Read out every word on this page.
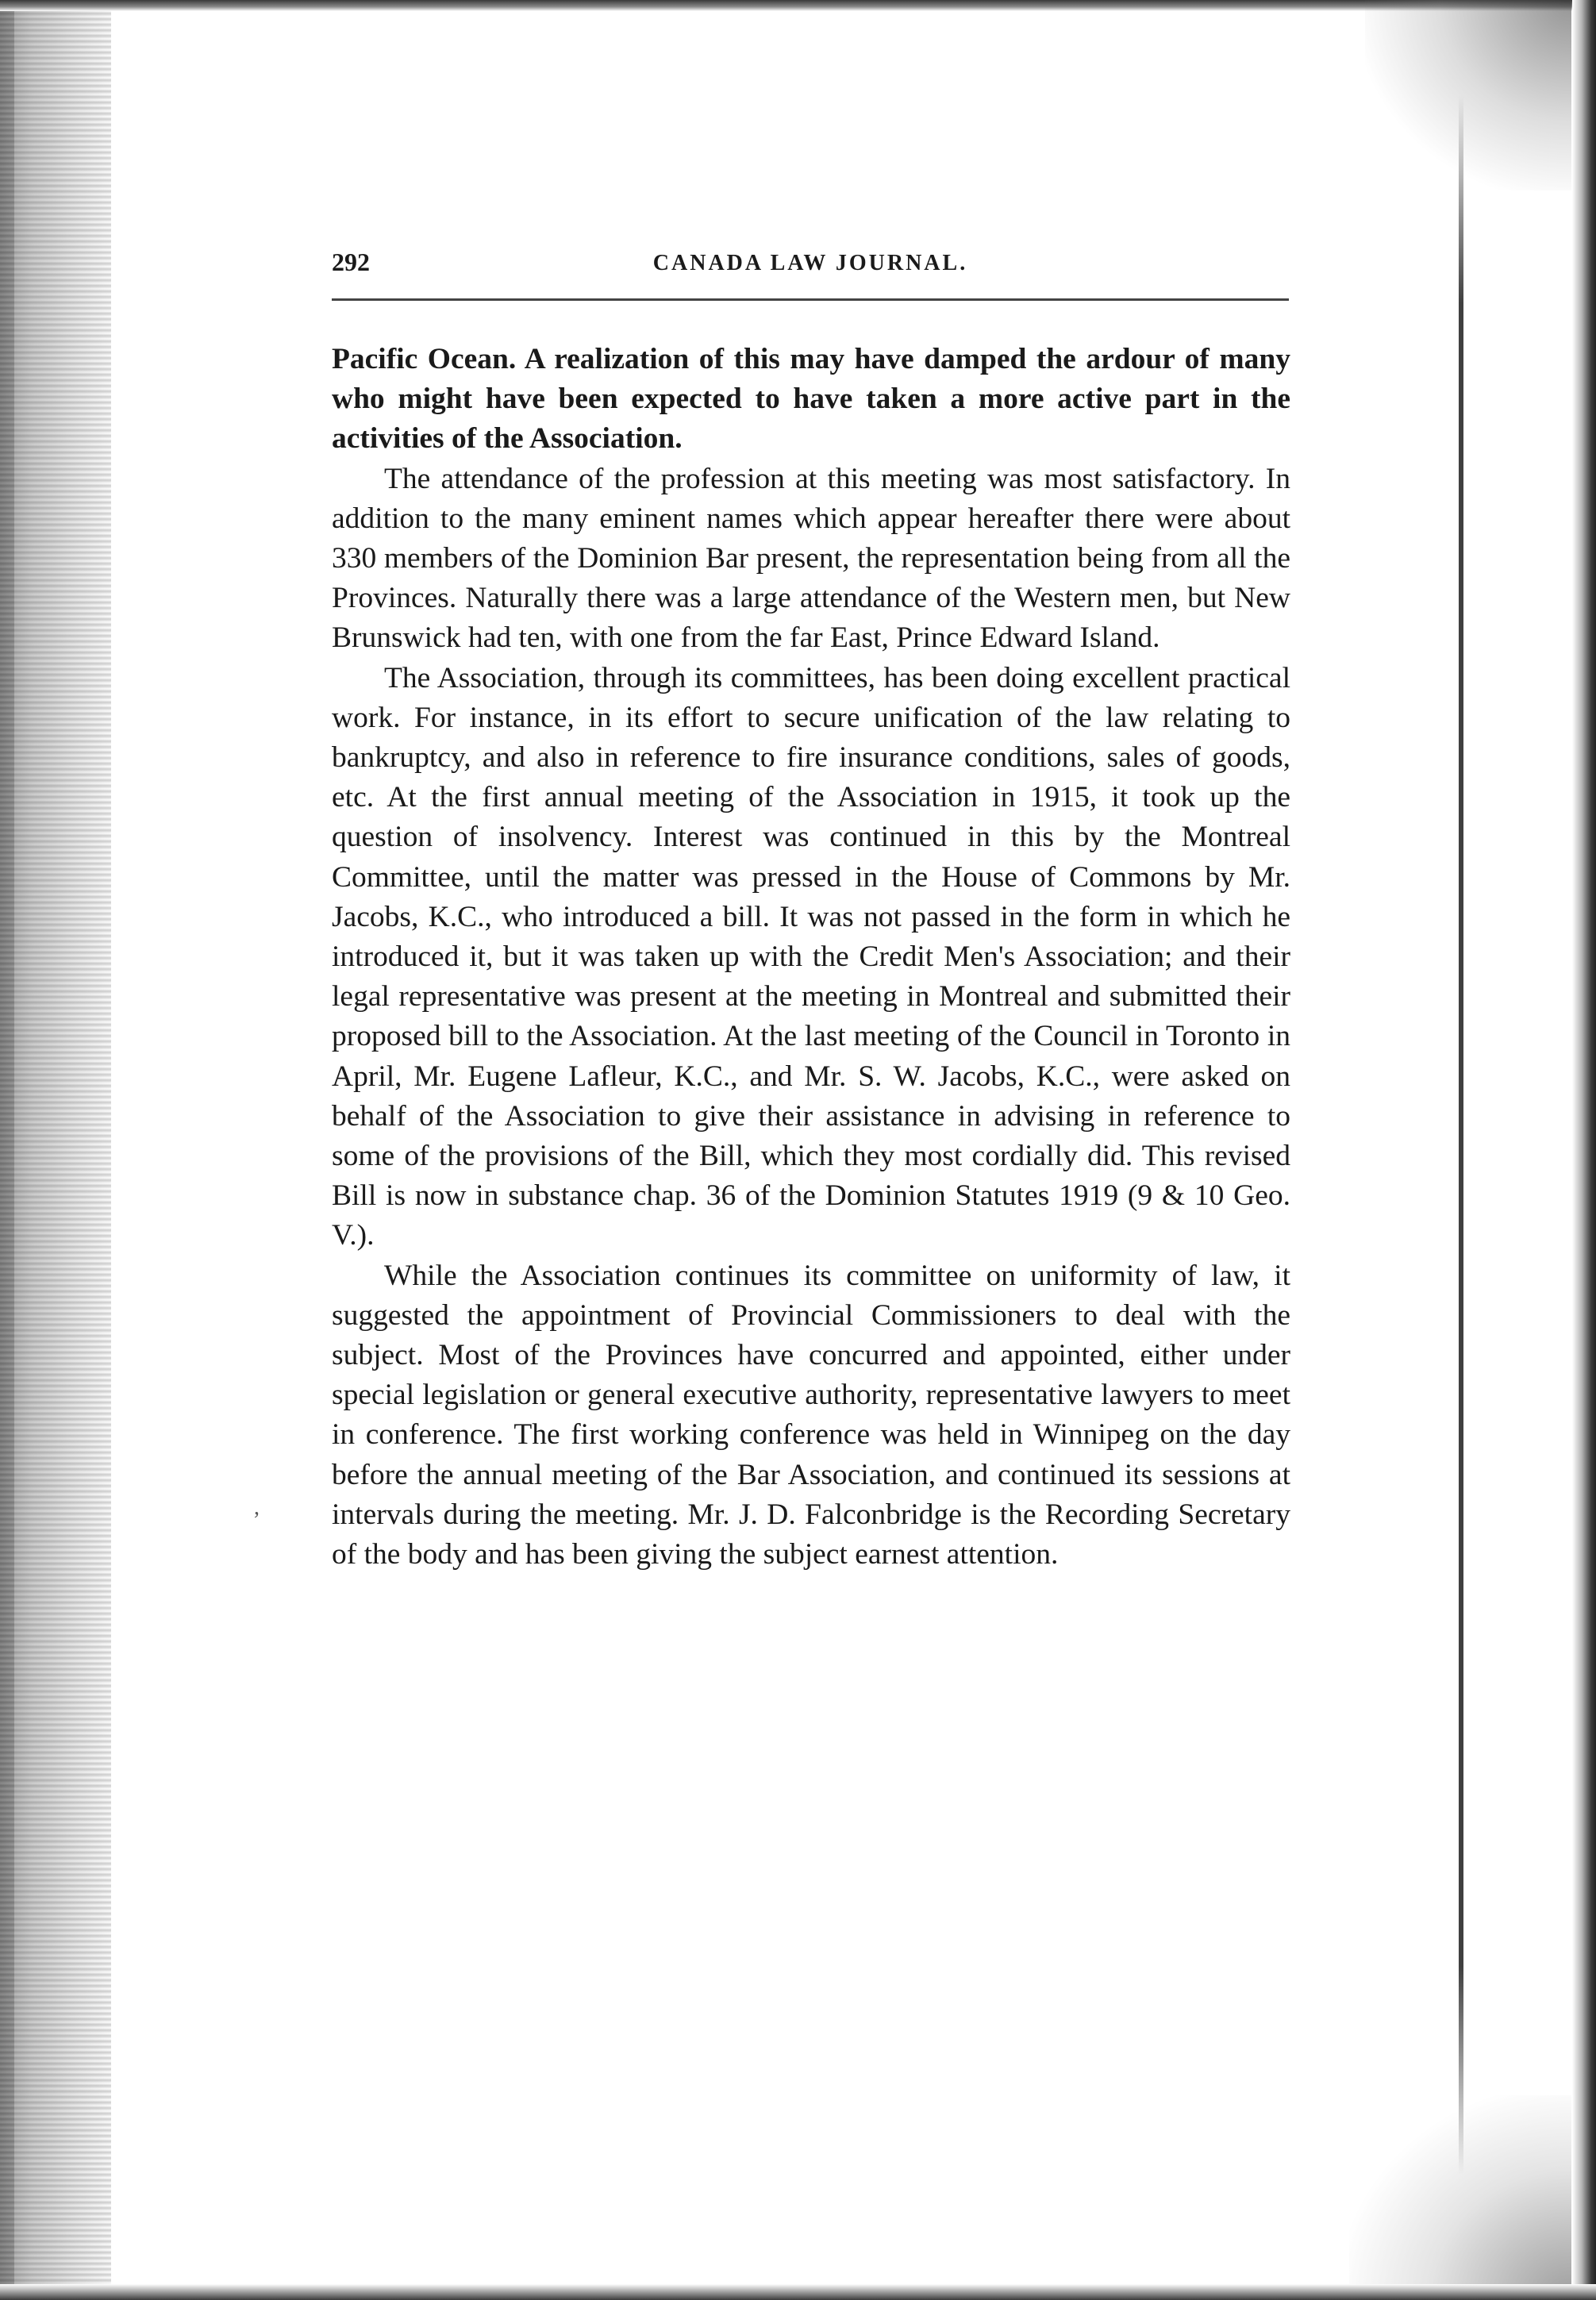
292	CANADA LAW JOURNAL.

Pacific Ocean. A realization of this may have damped the ardour of many who might have been expected to have taken a more active part in the activities of the Association.

The attendance of the profession at this meeting was most satisfactory. In addition to the many eminent names which appear hereafter there were about 330 members of the Dominion Bar present, the representation being from all the Provinces. Naturally there was a large attendance of the Western men, but New Brunswick had ten, with one from the far East, Prince Edward Island.

The Association, through its committees, has been doing excellent practical work. For instance, in its effort to secure unification of the law relating to bankruptcy, and also in reference to fire insurance conditions, sales of goods, etc. At the first annual meeting of the Association in 1915, it took up the question of insolvency. Interest was continued in this by the Montreal Committee, until the matter was pressed in the House of Commons by Mr. Jacobs, K.C., who introduced a bill. It was not passed in the form in which he introduced it, but it was taken up with the Credit Men's Association; and their legal representative was present at the meeting in Montreal and submitted their proposed bill to the Association. At the last meeting of the Council in Toronto in April, Mr. Eugene Lafleur, K.C., and Mr. S. W. Jacobs, K.C., were asked on behalf of the Association to give their assistance in advising in reference to some of the provisions of the Bill, which they most cordially did. This revised Bill is now in substance chap. 36 of the Dominion Statutes 1919 (9 & 10 Geo. V.).

While the Association continues its committee on uniformity of law, it suggested the appointment of Provincial Commissioners to deal with the subject. Most of the Provinces have concurred and appointed, either under special legislation or general executive authority, representative lawyers to meet in conference. The first working conference was held in Winnipeg on the day before the annual meeting of the Bar Association, and continued its sessions at intervals during the meeting. Mr. J. D. Falconbridge is the Recording Secretary of the body and has been giving the subject earnest attention.

,
